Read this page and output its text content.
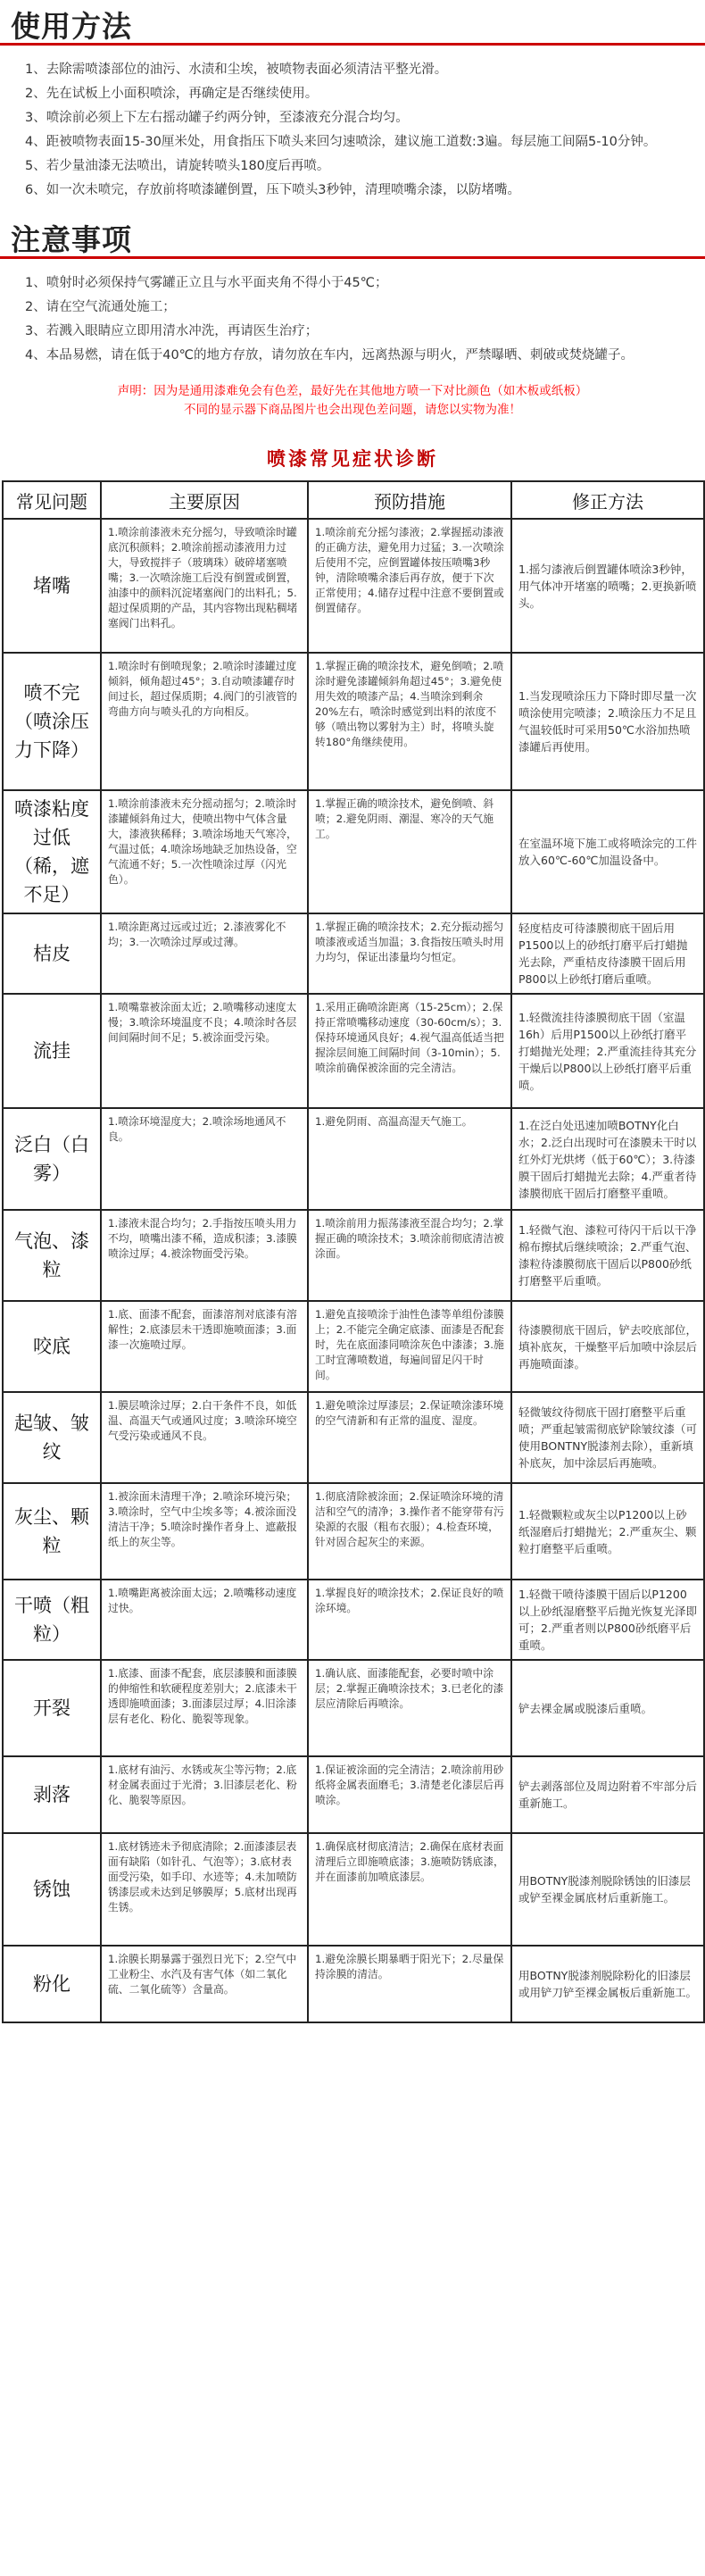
使用方法
1、去除需喷漆部位的油污、水渍和尘埃，被喷物表面必须清洁平整光滑。
2、先在试板上小面积喷涂，再确定是否继续使用。
3、喷涂前必须上下左右摇动罐子约两分钟，至漆液充分混合均匀。
4、距被喷物表面15-30厘米处，用食指压下喷头来回匀速喷涂，建议施工道数:3遍。每层施工间隔5-10分钟。
5、若少量油漆无法喷出，请旋转喷头180度后再喷。
6、如一次未喷完，存放前将喷漆罐倒置，压下喷头3秒钟，清理喷嘴余漆，以防堵嘴。
注意事项
1、喷射时必须保持气雾罐正立且与水平面夹角不得小于45℃；
2、请在空气流通处施工；
3、若溅入眼睛应立即用清水冲洗，再请医生治疗；
4、本品易燃，请在低于40℃的地方存放，请勿放在车内，远离热源与明火，严禁曝晒、刺破或焚烧罐子。
声明：因为是通用漆难免会有色差，最好先在其他地方喷一下对比颜色（如木板或纸板）
不同的显示器下商品图片也会出现色差问题，请您以实物为准！
喷漆常见症状诊断
常见问题	主要原因	预防措施	修正方法
堵嘴	1.喷涂前漆液未充分摇匀，导致喷涂时罐底沉积颜料；2.喷涂前摇动漆液用力过大，导致搅拌子（玻璃珠）破碎堵塞喷嘴；3.一次喷涂施工后没有倒置或倒置，油漆中的颜料沉淀堵塞阀门的出料孔；5.超过保质期的产品，其内容物出现粘稠堵塞阀门出料孔。	1.喷涂前充分摇匀漆液；2.掌握摇动漆液的正确方法，避免用力过猛；3.一次喷涂后使用不完，应倒置罐体按压喷嘴3秒钟，清除喷嘴余漆后再存放，便于下次正常使用；4.储存过程中注意不要倒置或倒置储存。	1.摇匀漆液后倒置罐体喷涂3秒钟，用气体冲开堵塞的喷嘴；2.更换新喷头。
喷不完（喷涂压力下降）	1.喷涂时有倒喷现象；2.喷涂时漆罐过度倾斜，倾角超过45°；3.自动喷漆罐存时间过长，超过保质期；4.阀门的引液管的弯曲方向与喷头孔的方向相反。	1.掌握正确的喷涂技术，避免倒喷；2.喷涂时避免漆罐倾斜角超过45°；3.避免使用失效的喷漆产品；4.当喷涂到剩余20%左右，喷涂时感觉到出料的浓度不够（喷出物以雾射为主）时，将喷头旋转180°角继续使用。	1.当发现喷涂压力下降时即尽量一次喷涂使用完喷漆；2.喷涂压力不足且气温较低时可采用50℃水浴加热喷漆罐后再使用。
喷漆粘度过低（稀，遮不足）	1.喷涂前漆液未充分摇动摇匀；2.喷涂时漆罐倾斜角过大，使喷出物中气体含量大，漆液狭稀释；3.喷涂场地天气寒冷，气温过低；4.喷涂场地缺乏加热设备，空气流通不好；5.一次性喷涂过厚（闪光色）。	1.掌握正确的喷涂技术，避免倒喷、斜喷；2.避免阴雨、潮湿、寒冷的天气施工。	在室温环境下施工或将喷涂完的工件放入60℃-60℃加温设备中。
桔皮	1.喷涂距离过远或过近；2.漆液雾化不均；3.一次喷涂过厚或过薄。	1.掌握正确的喷涂技术；2.充分振动摇匀喷漆液或适当加温；3.食指按压喷头时用力均匀，保证出漆量均匀恒定。	轻度桔皮可待漆膜彻底干固后用P1500以上的砂纸打磨平后打蜡抛光去除，严重桔皮待漆膜干固后用P800以上砂纸打磨后重喷。
流挂	1.喷嘴靠被涂面太近；2.喷嘴移动速度太慢；3.喷涂环境温度不良；4.喷涂时各层间间隔时间不足；5.被涂面受污染。	1.采用正确喷涂距离（15-25cm）；2.保持正常喷嘴移动速度（30-60cm/s）；3.保持环境通风良好；4.视气温高低适当把握涂层间施工间隔时间（3-10min）；5.喷涂前确保被涂面的完全清洁。	1.轻微流挂待漆膜彻底干固（室温16h）后用P1500以上砂纸打磨平打蜡抛光处理；2.严重流挂待其充分干燥后以P800以上砂纸打磨平后重喷。
泛白（白雾）	1.喷涂环境湿度大；2.喷涂场地通风不良。	1.避免阴雨、高温高湿天气施工。	1.在泛白处迅速加喷BOTNY化白水；2.泛白出现时可在漆膜未干时以红外灯光烘烤（低于60℃）；3.待漆膜干固后打蜡抛光去除；4.严重者待漆膜彻底干固后打磨整平重喷。
气泡、漆粒	1.漆液未混合均匀；2.手指按压喷头用力不均，喷嘴出漆不稀，造成积漆；3.漆膜喷涂过厚；4.被涂物面受污染。	1.喷涂前用力振荡漆液至混合均匀；2.掌握正确的喷涂技术；3.喷涂前彻底清洁被涂面。	1.轻微气泡、漆粒可待闪干后以干净棉布擦拭后继续喷涂；2.严重气泡、漆粒待漆膜彻底干固后以P800砂纸打磨整平后重喷。
咬底	1.底、面漆不配套，面漆溶剂对底漆有溶解性；2.底漆层未干透即施喷面漆；3.面漆一次施喷过厚。	1.避免直接喷涂于油性色漆等单组份漆膜上；2.不能完全确定底漆、面漆是否配套时，先在底面漆同喷涂灰色中漆漆；3.施工时宜薄喷数道，每遍间留足闪干时间。	待漆膜彻底干固后，铲去咬底部位，填补底灰，干燥整平后加喷中涂层后再施喷面漆。
起皱、皱纹	1.膜层喷涂过厚；2.白干条件不良，如低温、高温天气或通风过度；3.喷涂环境空气受污染或通风不良。	1.避免喷涂过厚漆层；2.保证喷涂漆环境的空气清新和有正常的温度、湿度。	轻微皱纹待彻底干固打磨整平后重喷；严重起皱需彻底铲除皱纹漆（可使用BONTNY脱漆剂去除），重新填补底灰，加中涂层后再施喷。
灰尘、颗粒	1.被涂面未清理干净；2.喷涂环境污染；3.喷涂时，空气中尘埃多等；4.被涂面没清洁干净；5.喷涂时操作者身上、遮蔽报纸上的灰尘等。	1.彻底清除被涂面；2.保证喷涂环境的清洁和空气的清净；3.操作者不能穿带有污染源的衣服（粗布衣服）；4.检查环境，针对固合起灰尘的来源。	1.轻微颗粒或灰尘以P1200以上砂纸湿磨后打蜡抛光；2.严重灰尘、颗粒打磨整平后重喷。
干喷（粗粒）	1.喷嘴距离被涂面太远；2.喷嘴移动速度过快。	1.掌握良好的喷涂技术；2.保证良好的喷涂环境。	1.轻微干喷待漆膜干固后以P1200以上砂纸湿磨整平后抛光恢复光泽即可；2.严重者则以P800砂纸磨平后重喷。
开裂	1.底漆、面漆不配套，底层漆膜和面漆膜的伸缩性和软硬程度差别大；2.底漆未干透即施喷面漆；3.面漆层过厚；4.旧涂漆层有老化、粉化、脆裂等现象。	1.确认底、面漆能配套，必要时喷中涂层；2.掌握正确喷涂技术；3.已老化的漆层应清除后再喷涂。	铲去裸金属或脱漆后重喷。
剥落	1.底材有油污、水锈或灰尘等污物；2.底材金属表面过于光滑；3.旧漆层老化、粉化、脆裂等原因。	1.保证被涂面的完全清洁；2.喷涂前用砂纸将金属表面磨毛；3.清楚老化漆层后再喷涂。	铲去剥落部位及周边附着不牢部分后重新施工。
锈蚀	1.底材锈迹未予彻底清除；2.面漆漆层表面有缺陷（如针孔、气泡等）；3.底材表面受污染，如手印、水迹等；4.未加喷防锈漆层或未达到足够膜厚；5.底材出现再生锈。	1.确保底材彻底清洁；2.确保在底材表面清理后立即施喷底漆；3.施喷防锈底漆，并在面漆前加喷底漆层。	用BOTNY脱漆剂脱除锈蚀的旧漆层或铲至裸金属底材后重新施工。
粉化	1.涂膜长期暴露于强烈日光下；2.空气中工业粉尘、水汽及有害气体（如二氧化硫、二氧化硫等）含量高。	1.避免涂膜长期暴晒于阳光下；2.尽量保持涂膜的清洁。	用BOTNY脱漆剂脱除粉化的旧漆层或用铲刀铲至裸金属板后重新施工。
